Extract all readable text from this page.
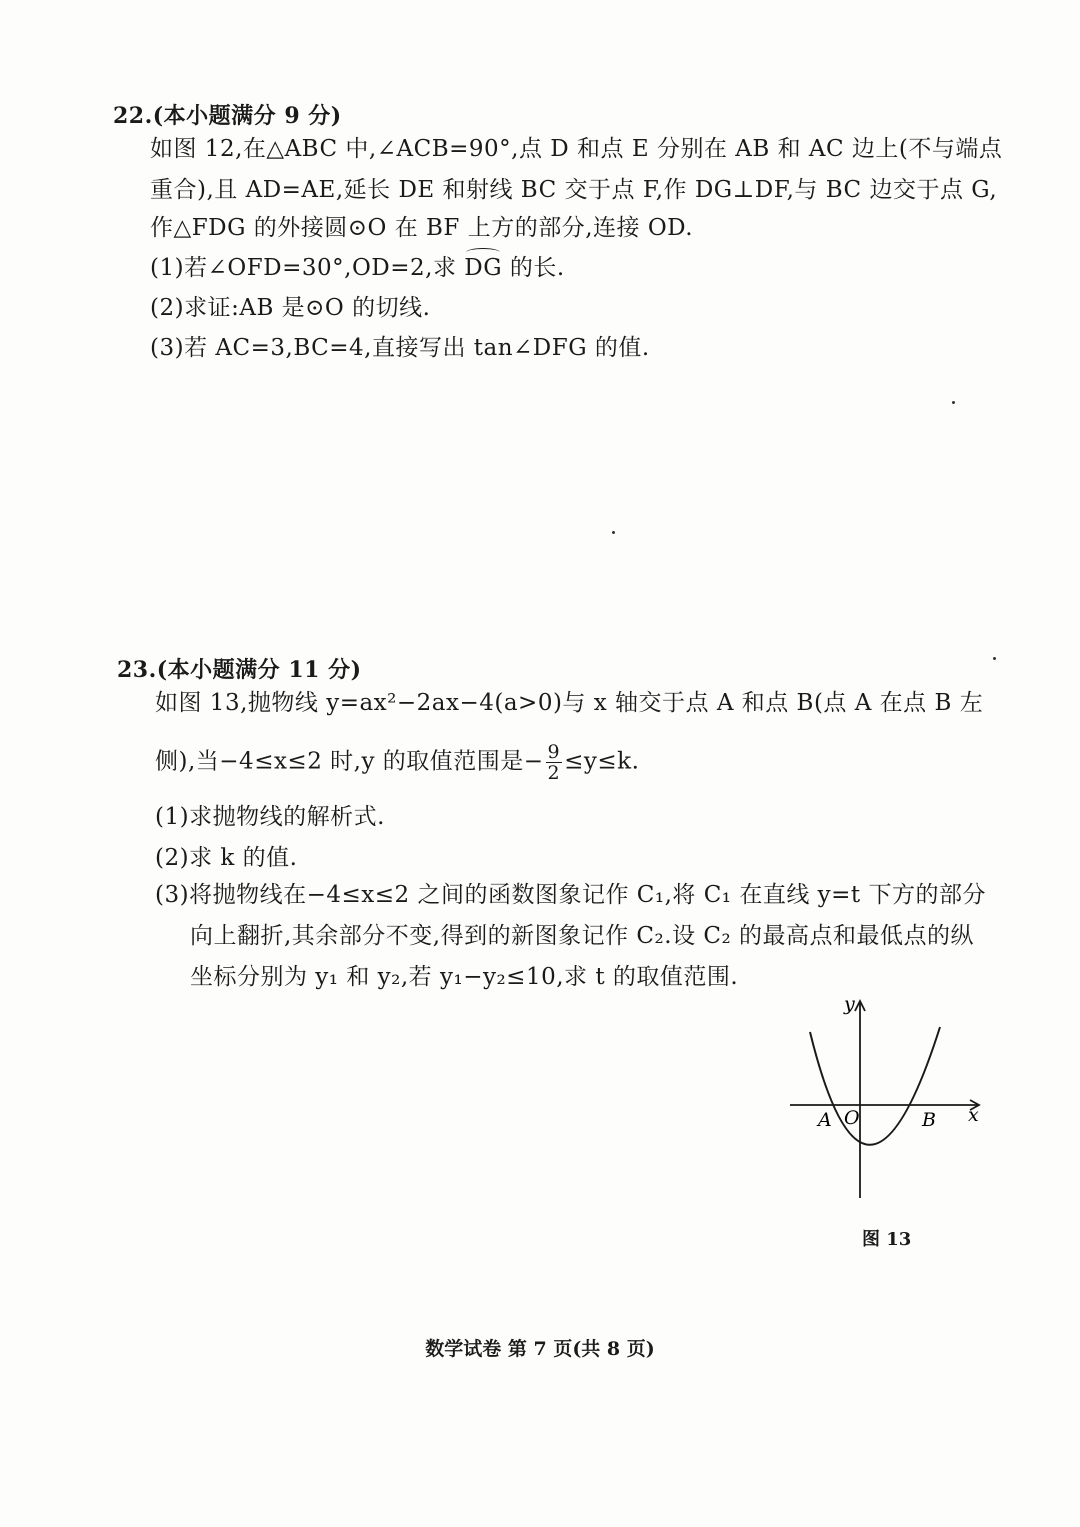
22.(本小题满分 9 分)
如图 12,在△ABC 中,∠ACB=90°,点 D 和点 E 分别在 AB 和 AC 边上(不与端点
重合),且 AD=AE,延长 DE 和射线 BC 交于点 F,作 DG⊥DF,与 BC 边交于点 G,
作△FDG 的外接圆⊙O 在 BF 上方的部分,连接 OD.
(1)若∠OFD=30°,OD=2,求 DG 的长.
(2)求证:AB 是⊙O 的切线.
(3)若 AC=3,BC=4,直接写出 tan∠DFG 的值.
23.(本小题满分 11 分)
如图 13,抛物线 y=ax²−2ax−4(a>0)与 x 轴交于点 A 和点 B(点 A 在点 B 左
侧),当−4≤x≤2 时,y 的取值范围是− $\frac{9}{2} \le y\le k$.
(1)求抛物线的解析式.
(2)求 k 的值.
(3)将抛物线在−4≤x≤2 之间的函数图象记作 C₁,将 C₁ 在直线 y=t 下方的部分
向上翻折,其余部分不变,得到的新图象记作 C₂.设 C₂ 的最高点和最低点的纵
坐标分别为 y₁ 和 y₂,若 y₁−y₂≤10,求 t 的取值范围.
y
x
A O	B
图 13
数学试卷 第 7 页(共 8 页)
